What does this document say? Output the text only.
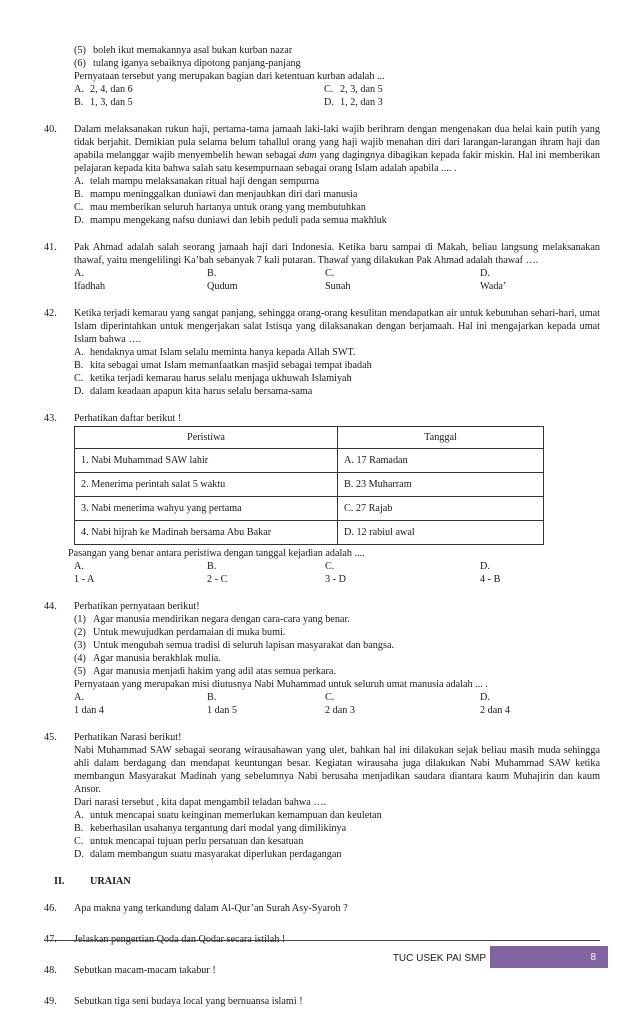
(5) boleh ikut memakannya asal bukan kurban nazar
(6) tulang iganya sebaiknya dipotong panjang-panjang
Pernyataan tersebut yang merupakan bagian dari ketentuan kurban adalah ...
A. 2, 4, dan 6	C. 2, 3, dan 5
B. 1, 3, dan 5	D. 1, 2, dan 3
40. Dalam melaksanakan rukun haji, pertama-tama jamaah laki-laki wajib berihram dengan mengenakan dua helai kain putih yang tidak berjahit. Demikian pula selama belum tahallul orang yang haji wajib menahan diri dari larangan-larangan ihram haji dan apabila melanggar wajib menyembelih hewan sebagai dam yang dagingnya dibagikan kepada fakir miskin. Hal ini memberikan pelajaran kepada kita bahwa salah satu kesempurnaan sebagai orang Islam adalah apabila .... .
A. telah mampu melaksanakan ritual haji dengan sempurna
B. mampu meninggalkan duniawi dan menjauhkan diri dari manusia
C. mau memberikan seluruh hartanya untuk orang yang membutuhkan
D. mampu mengekang nafsu duniawi dan lebih peduli pada semua makhluk
41. Pak Ahmad adalah salah seorang jamaah haji dari Indonesia. Ketika baru sampai di Makah, beliau langsung melaksanakan thawaf, yaitu mengelilingi Ka’bah sebanyak 7 kali putaran. Thawaf yang dilakukan Pak Ahmad adalah thawaf ….
A.
Ifadhah
B.
Qudum
C.
Sunah
D.
Wada’
42. Ketika terjadi kemarau yang sangat panjang, sehingga orang-orang kesulitan mendapatkan air untuk kebutuhan sehari-hari, umat Islam diperintahkan untuk mengerjakan salat Istisqa yang dilaksanakan dengan berjamaah. Hal ini mengajarkan kepada umat Islam bahwa ….
A. hendaknya umat Islam selalu meminta hanya kepada Allah SWT.
B. kita sebagai umat Islam memanfaatkan masjid sebagai tempat ibadah
C. ketika terjadi kemarau harus selalu menjaga ukhuwah Islamiyah
D. dalam keadaan apapun kita harus selalu bersama-sama
43. Perhatikan daftar berikut !
Peristiwa	Tanggal
1. Nabi Muhammad SAW lahir	A. 17 Ramadan
2. Menerima perintah salat 5 waktu	B. 23 Muharram
3. Nabi menerima wahyu yang pertama	C. 27 Rajab
4. Nabi hijrah ke Madinah bersama Abu Bakar	D. 12 rabiul awal
Pasangan yang benar antara peristiwa dengan tanggal kejadian adalah ....
A.
1 - A
B.
2 - C
C.
3 - D
D.
4 - B
44. Perhatikan pernyataan berikut!
(1) Agar manusia mendirikan negara dengan cara-cara yang benar.
(2) Untuk mewujudkan perdamaian di muka bumi.
(3) Untuk mengubah semua tradisi di seluruh lapisan masyarakat dan bangsa.
(4) Agar manusia berakhlak mulia.
(5) Agar manusia menjadi hakim yang adil atas semua perkara.
Pernyataan yang merupakan misi diutusnya Nabi Muhammad untuk seluruh umat manusia adalah ... .
A.
1 dan 4
B.
1 dan 5
C.
2 dan 3
D.
2 dan 4
45. Perhatikan Narasi berikut!
Nabi Muhammad SAW sebagai seorang wirausahawan yang ulet, bahkan hal ini dilakukan sejak beliau masih muda sehingga ahli dalam berdagang dan mendapat keuntungan besar. Kegiatan wirausaha juga dilakukan Nabi Muhammad SAW ketika membangun Masyarakat Madinah yang sebelumnya Nabi berusaha menjadikan saudara diantara kaum Muhajirin dan kaum Ansor.
Dari narasi tersebut , kita dapat mengambil teladan bahwa ….
A. untuk mencapai suatu keinginan memerlukan kemampuan dan keuletan
B. keberhasilan usahanya tergantung dari modal yang dimilikinya
C. untuk mencapai tujuan perlu persatuan dan kesatuan
D. dalam membangun suatu masyarakat diperlukan perdagangan
II.	URAIAN
46. Apa makna yang terkandung dalam Al-Qur’an Surah Asy-Syaroh ?
48. Sebutkan macam-macam takabur !
49. Sebutkan tiga seni budaya local yang bernuansa islami !
TUC USEK PAI SMP	8
